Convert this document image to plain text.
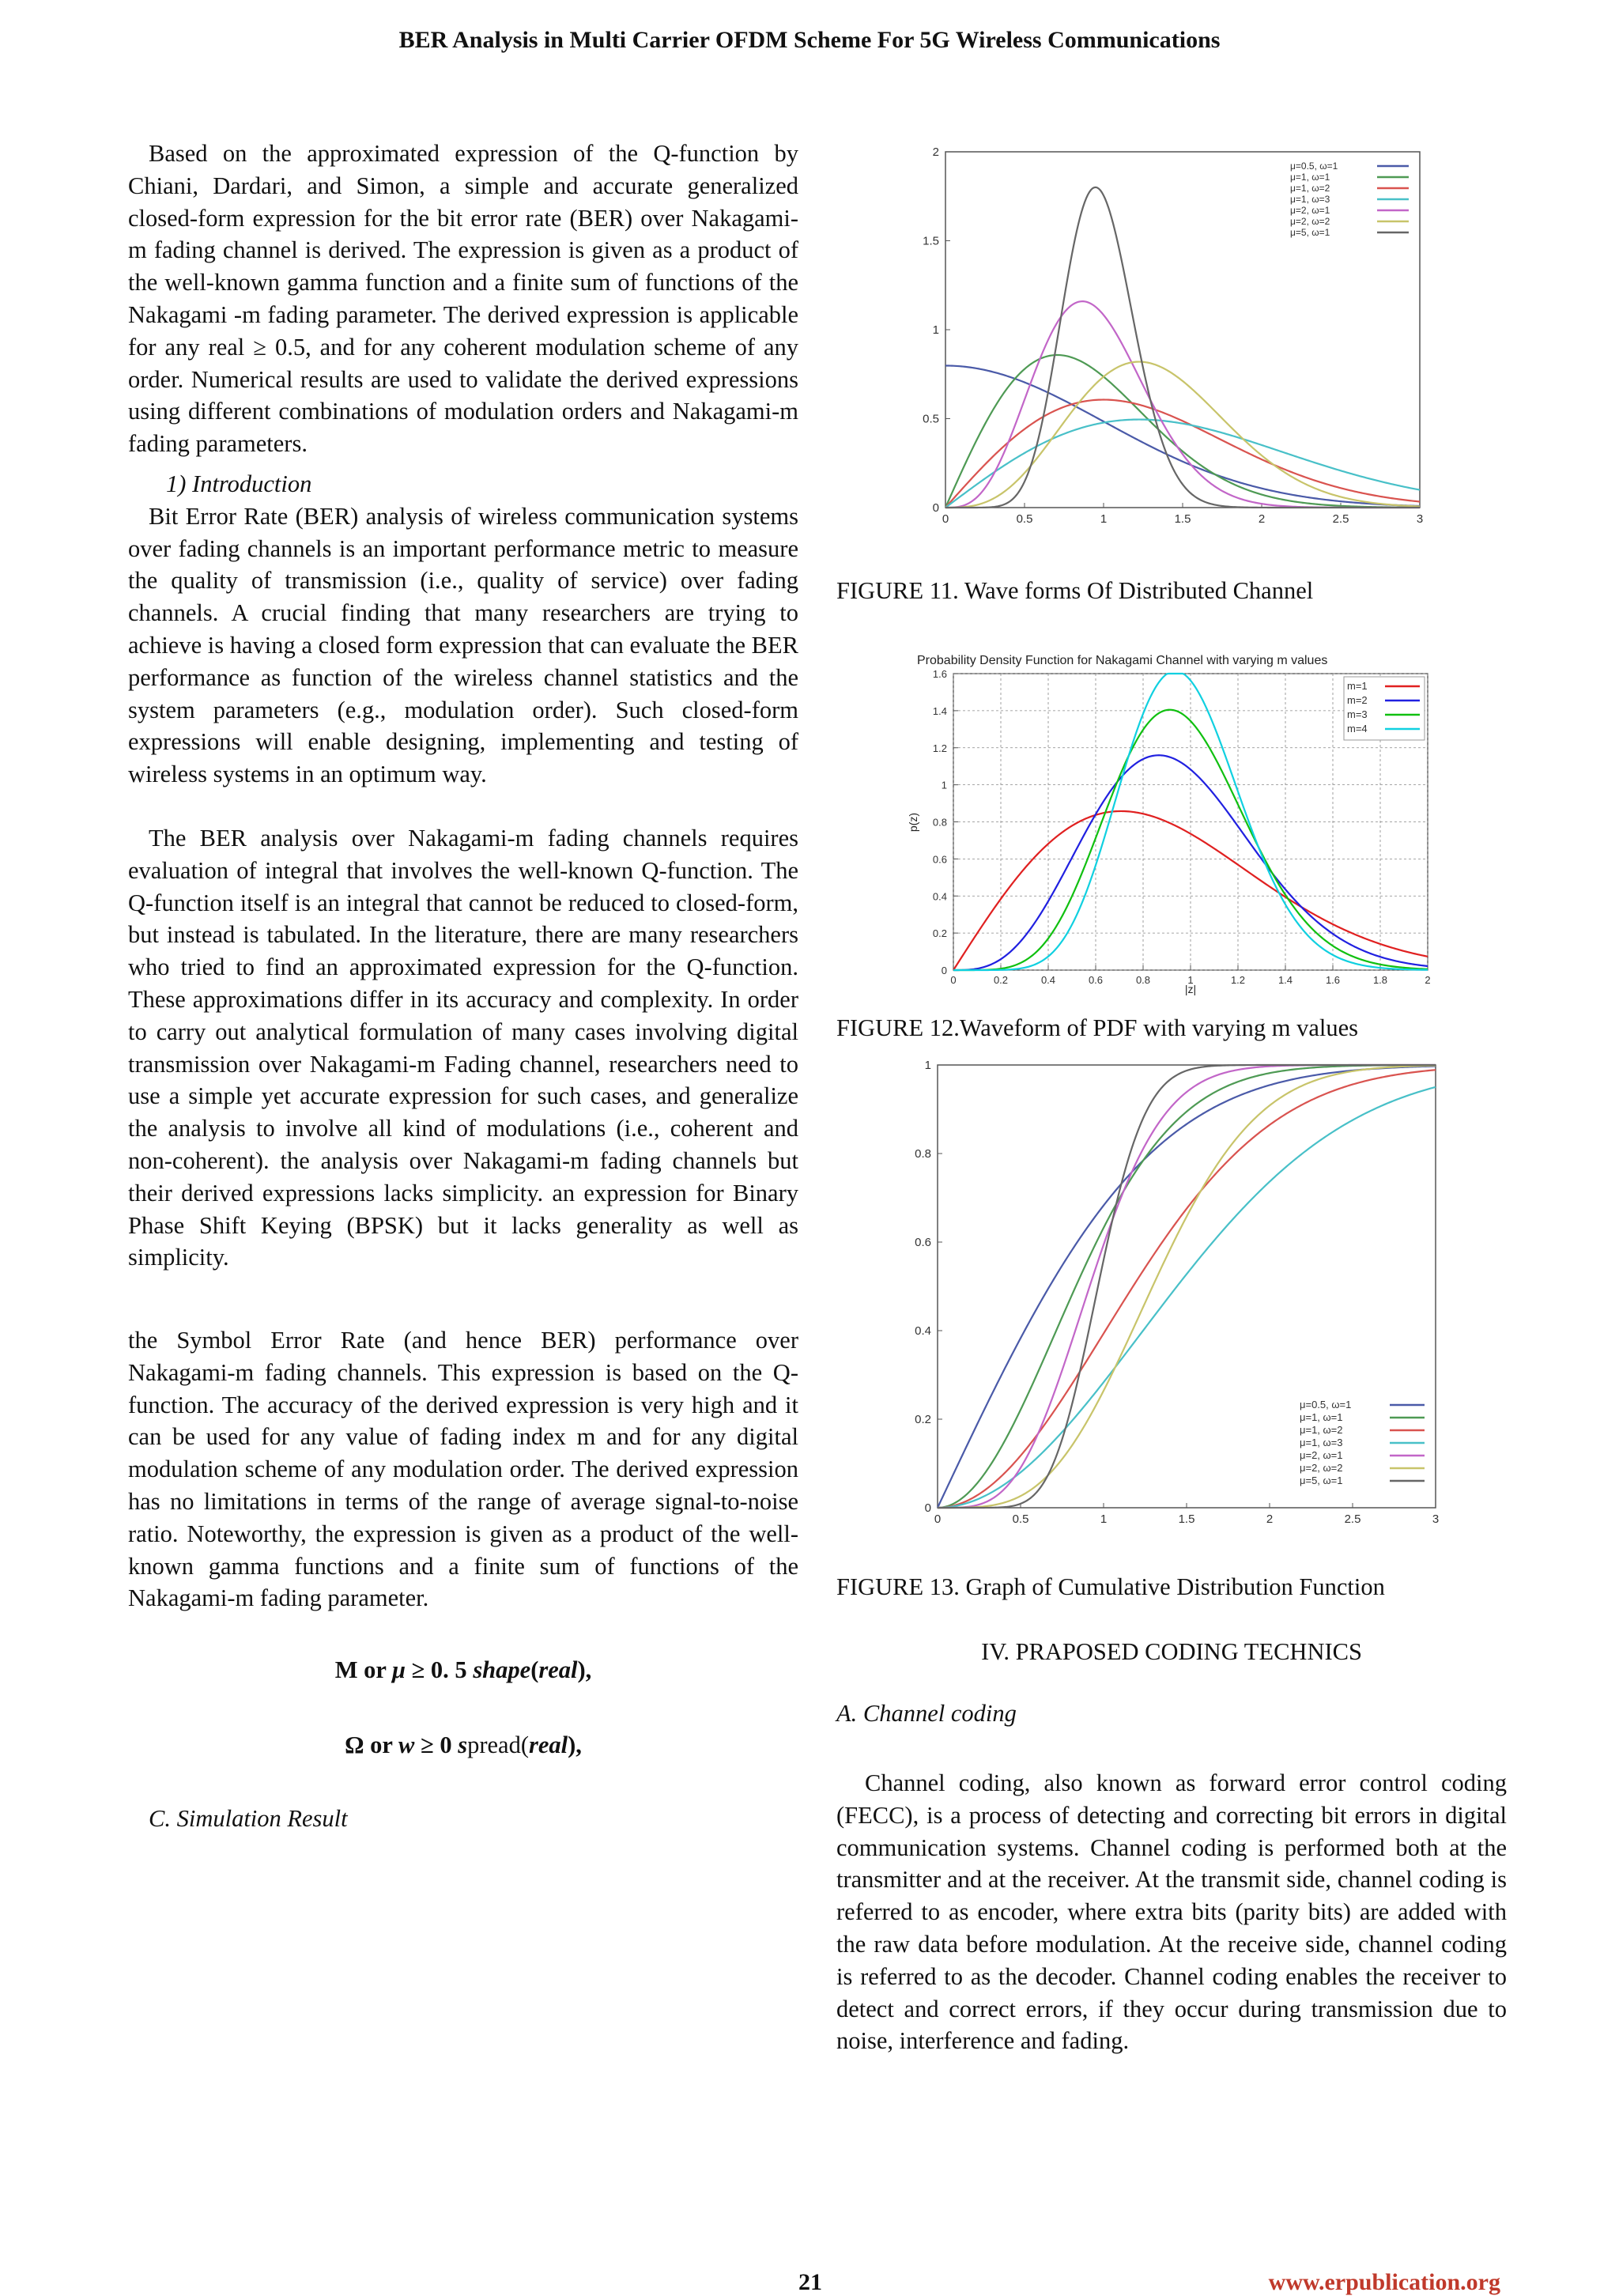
BER Analysis in Multi Carrier OFDM Scheme For 5G Wireless Communications

Based on the approximated expression of the Q-function by Chiani, Dardari, and Simon, a simple and accurate generalized closed-form expression for the bit error rate (BER) over Nakagami-m fading channel is derived. The expression is given as a product of the well-known gamma function and a finite sum of functions of the Nakagami -m fading parameter. The derived expression is applicable for any real ≥ 0.5, and for any coherent modulation scheme of any order. Numerical results are used to validate the derived expressions using different combinations of modulation orders and Nakagami-m fading parameters.

1) Introduction

Bit Error Rate (BER) analysis of wireless communication systems over fading channels is an important performance metric to measure the quality of transmission (i.e., quality of service) over fading channels. A crucial finding that many researchers are trying to achieve is having a closed form expression that can evaluate the BER performance as function of the wireless channel statistics and the system parameters (e.g., modulation order). Such closed-form expressions will enable designing, implementing and testing of wireless systems in an optimum way.

The BER analysis over Nakagami-m fading channels requires evaluation of integral that involves the well-known Q-function. The Q-function itself is an integral that cannot be reduced to closed-form, but instead is tabulated. In the literature, there are many researchers who tried to find an approximated expression for the Q-function. These approximations differ in its accuracy and complexity. In order to carry out analytical formulation of many cases involving digital transmission over Nakagami-m Fading channel, researchers need to use a simple yet accurate expression for such cases, and generalize the analysis to involve all kind of modulations (i.e., coherent and non-coherent). the analysis over Nakagami-m fading channels but their derived expressions lacks simplicity. an expression for Binary Phase Shift Keying (BPSK) but it lacks generality as well as simplicity.

the Symbol Error Rate (and hence BER) performance over Nakagami-m fading channels. This expression is based on the Q-function. The accuracy of the derived expression is very high and it can be used for any value of fading index m and for any digital modulation scheme of any modulation order. The derived expression has no limitations in terms of the range of average signal-to-noise ratio. Noteworthy, the expression is given as a product of the well-known gamma functions and a finite sum of functions of the Nakagami-m fading parameter.

M or μ ≥ 0. 5 shape(real),
Ω or w ≥ 0 spread(real),
C. Simulation Result
0
0.5
1
1.5
2
0	0.5	1	1.5	2	2.5	3
μ=0.5, ω=1
μ=1, ω=1
μ=1, ω=2
μ=1, ω=3
μ=2, ω=1
μ=2, ω=2
μ=5, ω=1
FIGURE 11. Wave forms Of Distributed Channel
Probability Density Function for Nakagami Channel with varying m values
0
0.2
0.4
0.6
0.8
1
1.2
1.4
1.6
0	0.2	0.4	0.6	0.8	1	1.2	1.4	1.6	1.8	2
m=1
m=2
m=3
m=4
|z|
p(z)
FIGURE 12.Waveform of PDF with varying m values
0
0.2
0.4
0.6
0.8
1
0	0.5	1	1.5	2	2.5	3
μ=0.5, ω=1
μ=1, ω=1
μ=1, ω=2
μ=1, ω=3
μ=2, ω=1
μ=2, ω=2
μ=5, ω=1
FIGURE 13. Graph of Cumulative Distribution Function
IV. PRAPOSED CODING TECHNICS
A. Channel coding

Channel coding, also known as forward error control coding (FECC), is a process of detecting and correcting bit errors in digital communication systems. Channel coding is performed both at the transmitter and at the receiver. At the transmit side, channel coding is referred to as encoder, where extra bits (parity bits) are added with the raw data before modulation. At the receive side, channel coding is referred to as the decoder. Channel coding enables the receiver to detect and correct errors, if they occur during transmission due to noise, interference and fading.

21	www.erpublication.org
